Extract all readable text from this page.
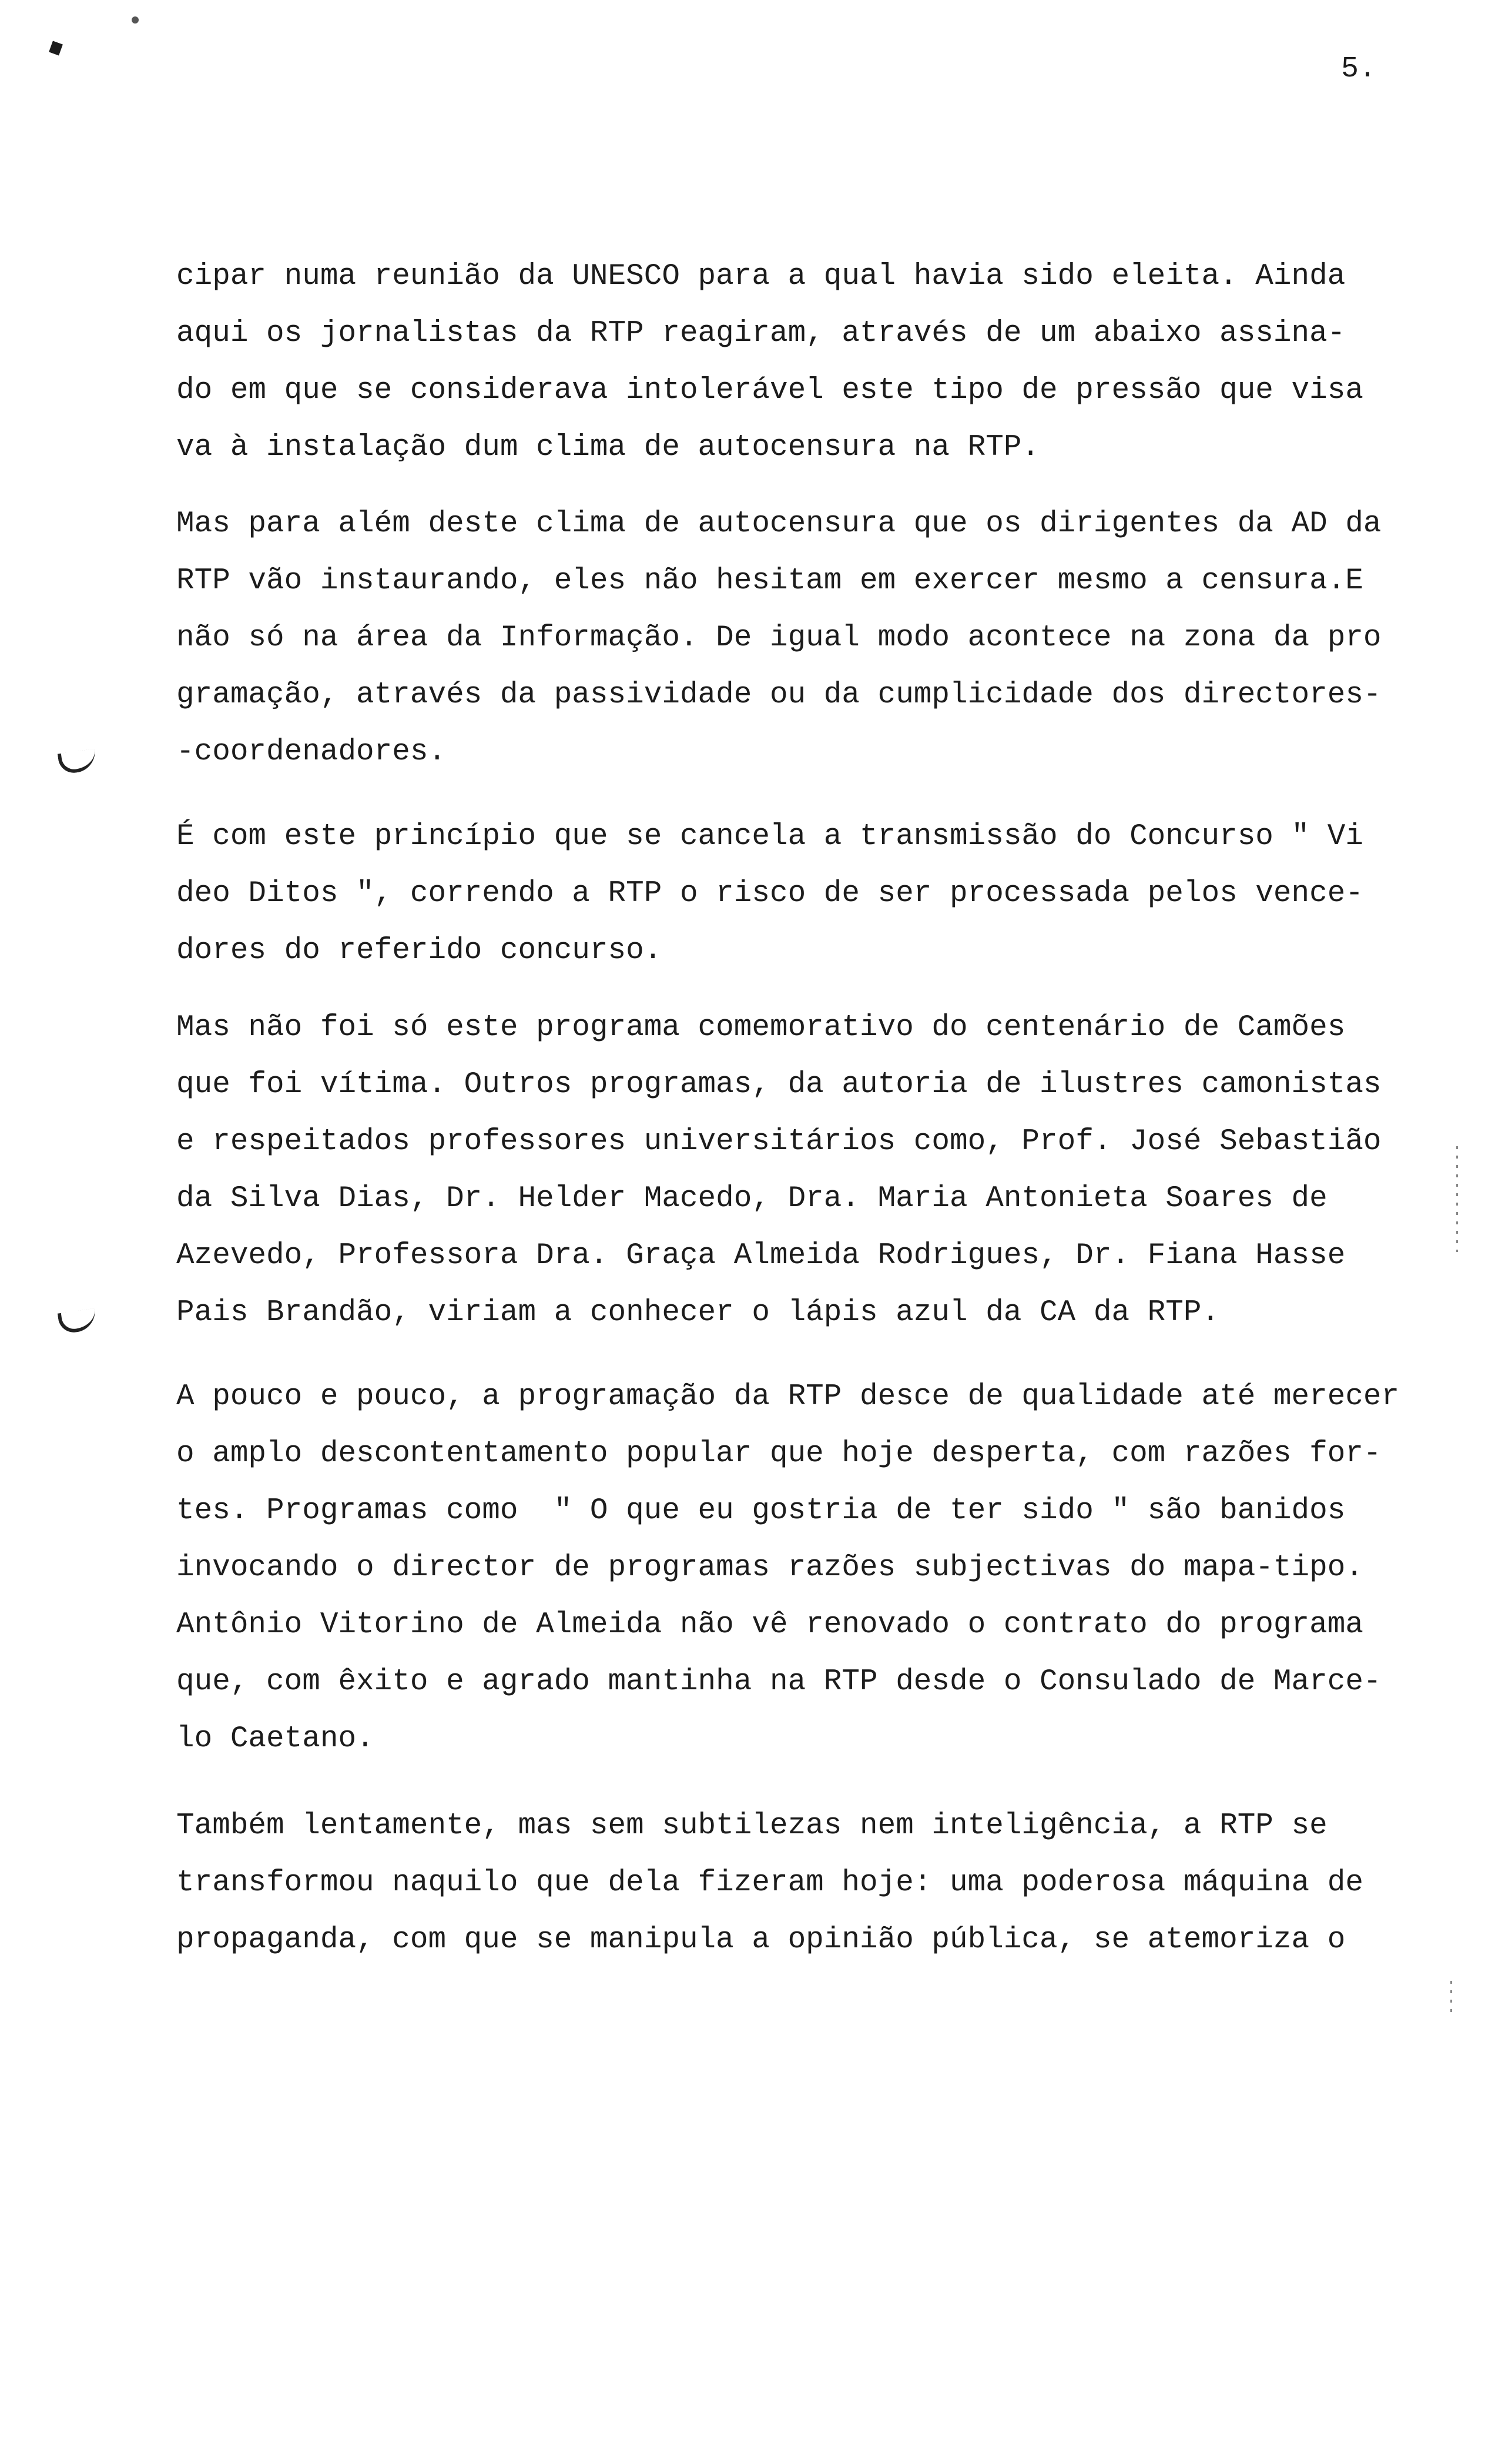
5.
cipar numa reunião da UNESCO para a qual havia sido eleita. Ainda
aqui os jornalistas da RTP reagiram, através de um abaixo assina-
do em que se considerava intolerável este tipo de pressão que visa
va à instalação dum clima de autocensura na RTP.
Mas para além deste clima de autocensura que os dirigentes da AD da
RTP vão instaurando, eles não hesitam em exercer mesmo a censura.E
não só na área da Informação. De igual modo acontece na zona da pro
gramação, através da passividade ou da cumplicidade dos directores-
-coordenadores.
É com este princípio que se cancela a transmissão do Concurso " Vi
deo Ditos ", correndo a RTP o risco de ser processada pelos vence-
dores do referido concurso.
Mas não foi só este programa comemorativo do centenário de Camões
que foi vítima. Outros programas, da autoria de ilustres camonistas
e respeitados professores universitários como, Prof. José Sebastião
da Silva Dias, Dr. Helder Macedo, Dra. Maria Antonieta Soares de
Azevedo, Professora Dra. Graça Almeida Rodrigues, Dr. Fiana Hasse
Pais Brandão, viriam a conhecer o lápis azul da CA da RTP.
A pouco e pouco, a programação da RTP desce de qualidade até merecer
o amplo descontentamento popular que hoje desperta, com razões for-
tes. Programas como  " O que eu gostria de ter sido " são banidos
invocando o director de programas razões subjectivas do mapa-tipo.
Antônio Vitorino de Almeida não vê renovado o contrato do programa
que, com êxito e agrado mantinha na RTP desde o Consulado de Marce-
lo Caetano.
Também lentamente, mas sem subtilezas nem inteligência, a RTP se
transformou naquilo que dela fizeram hoje: uma poderosa máquina de
propaganda, com que se manipula a opinião pública, se atemoriza o
